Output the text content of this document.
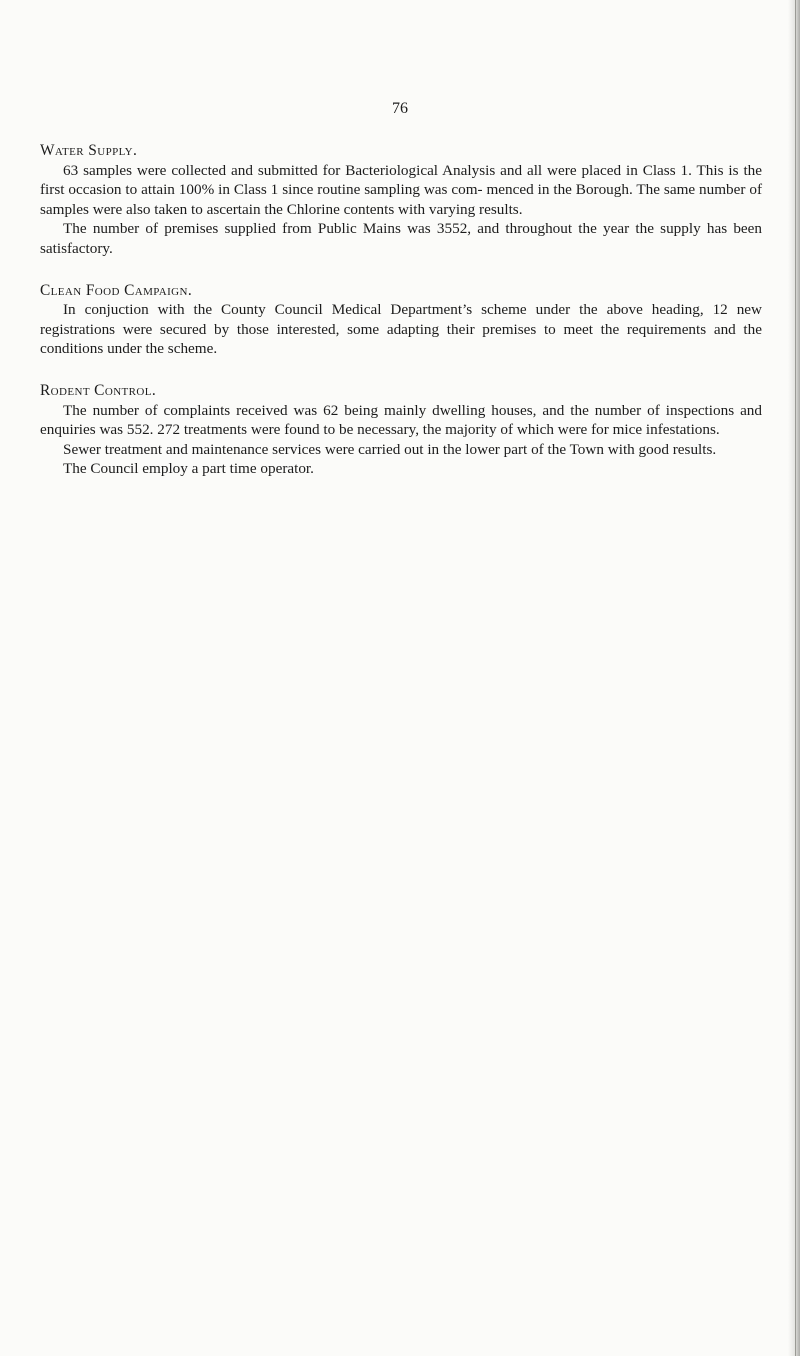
76

Water Supply.

63 samples were collected and submitted for Bacteriological Analysis and all were placed in Class 1. This is the first occasion to attain 100% in Class 1 since routine sampling was com- menced in the Borough. The same number of samples were also taken to ascertain the Chlorine contents with varying results.

The number of premises supplied from Public Mains was 3552, and throughout the year the supply has been satisfactory.

Clean Food Campaign.

In conjuction with the County Council Medical Department’s scheme under the above heading, 12 new registrations were secured by those interested, some adapting their premises to meet the requirements and the conditions under the scheme.

Rodent Control.

The number of complaints received was 62 being mainly dwelling houses, and the number of inspections and enquiries was 552. 272 treatments were found to be necessary, the majority of which were for mice infestations.

Sewer treatment and maintenance services were carried out in the lower part of the Town with good results.

The Council employ a part time operator.
